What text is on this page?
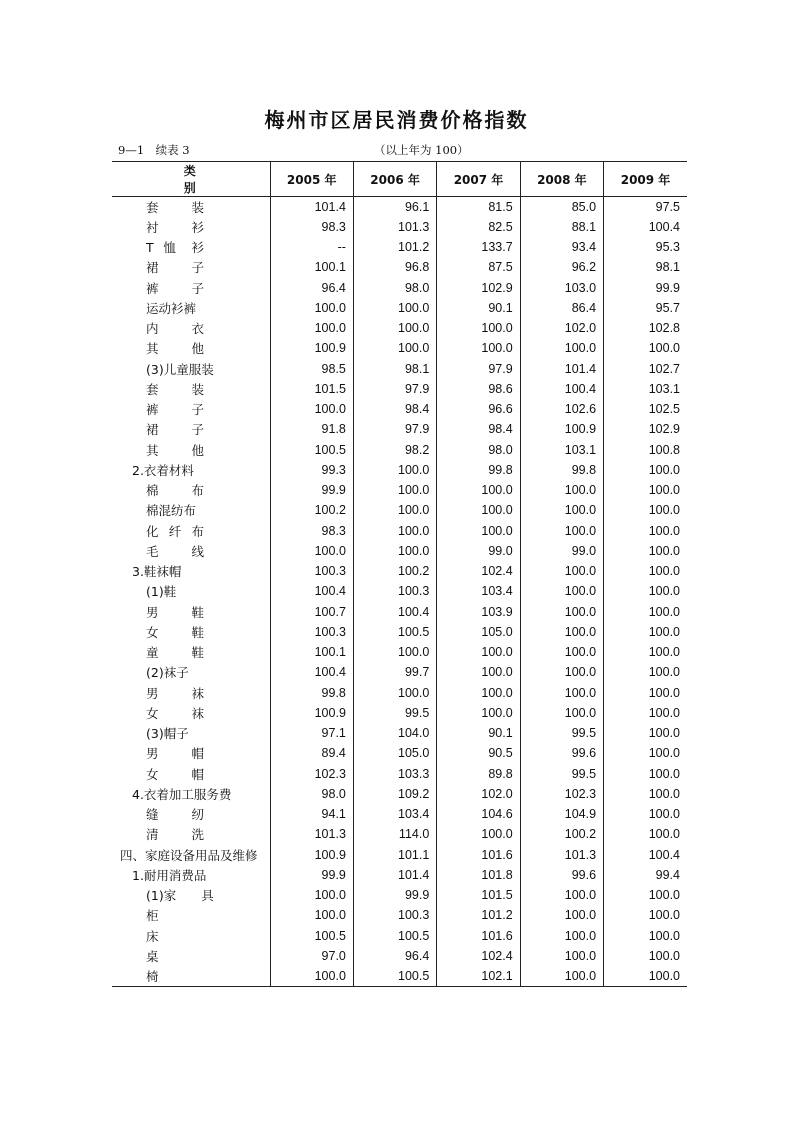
梅州市区居民消费价格指数
9—1　续表 3	（以上年为 100）
类　　别	2005 年	2006 年	2007 年	2008 年	2009 年
套　　装	101.4	96.1	81.5	85.0	97.5
衬　　衫	98.3	101.3	82.5	88.1	100.4
T 恤 衫	--	101.2	133.7	93.4	95.3
裙　　子	100.1	96.8	87.5	96.2	98.1
裤　　子	96.4	98.0	102.9	103.0	99.9
运动衫裤	100.0	100.0	90.1	86.4	95.7
内　　衣	100.0	100.0	100.0	102.0	102.8
其　　他	100.9	100.0	100.0	100.0	100.0
(3)儿童服装	98.5	98.1	97.9	101.4	102.7
套　　装	101.5	97.9	98.6	100.4	103.1
裤　　子	100.0	98.4	96.6	102.6	102.5
裙　　子	91.8	97.9	98.4	100.9	102.9
其　　他	100.5	98.2	98.0	103.1	100.8
2.衣着材料	99.3	100.0	99.8	99.8	100.0
棉　　布	99.9	100.0	100.0	100.0	100.0
棉混纺布	100.2	100.0	100.0	100.0	100.0
化 纤 布	98.3	100.0	100.0	100.0	100.0
毛　　线	100.0	100.0	99.0	99.0	100.0
3.鞋袜帽	100.3	100.2	102.4	100.0	100.0
(1)鞋	100.4	100.3	103.4	100.0	100.0
男　　鞋	100.7	100.4	103.9	100.0	100.0
女　　鞋	100.3	100.5	105.0	100.0	100.0
童　　鞋	100.1	100.0	100.0	100.0	100.0
(2)袜子	100.4	99.7	100.0	100.0	100.0
男　　袜	99.8	100.0	100.0	100.0	100.0
女　　袜	100.9	99.5	100.0	100.0	100.0
(3)帽子	97.1	104.0	90.1	99.5	100.0
男　　帽	89.4	105.0	90.5	99.6	100.0
女　　帽	102.3	103.3	89.8	99.5	100.0
4.衣着加工服务费	98.0	109.2	102.0	102.3	100.0
缝　　纫	94.1	103.4	104.6	104.9	100.0
清　　洗	101.3	114.0	100.0	100.2	100.0
四、家庭设备用品及维修	100.9	101.1	101.6	101.3	100.4
1.耐用消费品	99.9	101.4	101.8	99.6	99.4
(1)家　　具	100.0	99.9	101.5	100.0	100.0
柜	100.0	100.3	101.2	100.0	100.0
床	100.5	100.5	101.6	100.0	100.0
桌	97.0	96.4	102.4	100.0	100.0
椅	100.0	100.5	102.1	100.0	100.0
